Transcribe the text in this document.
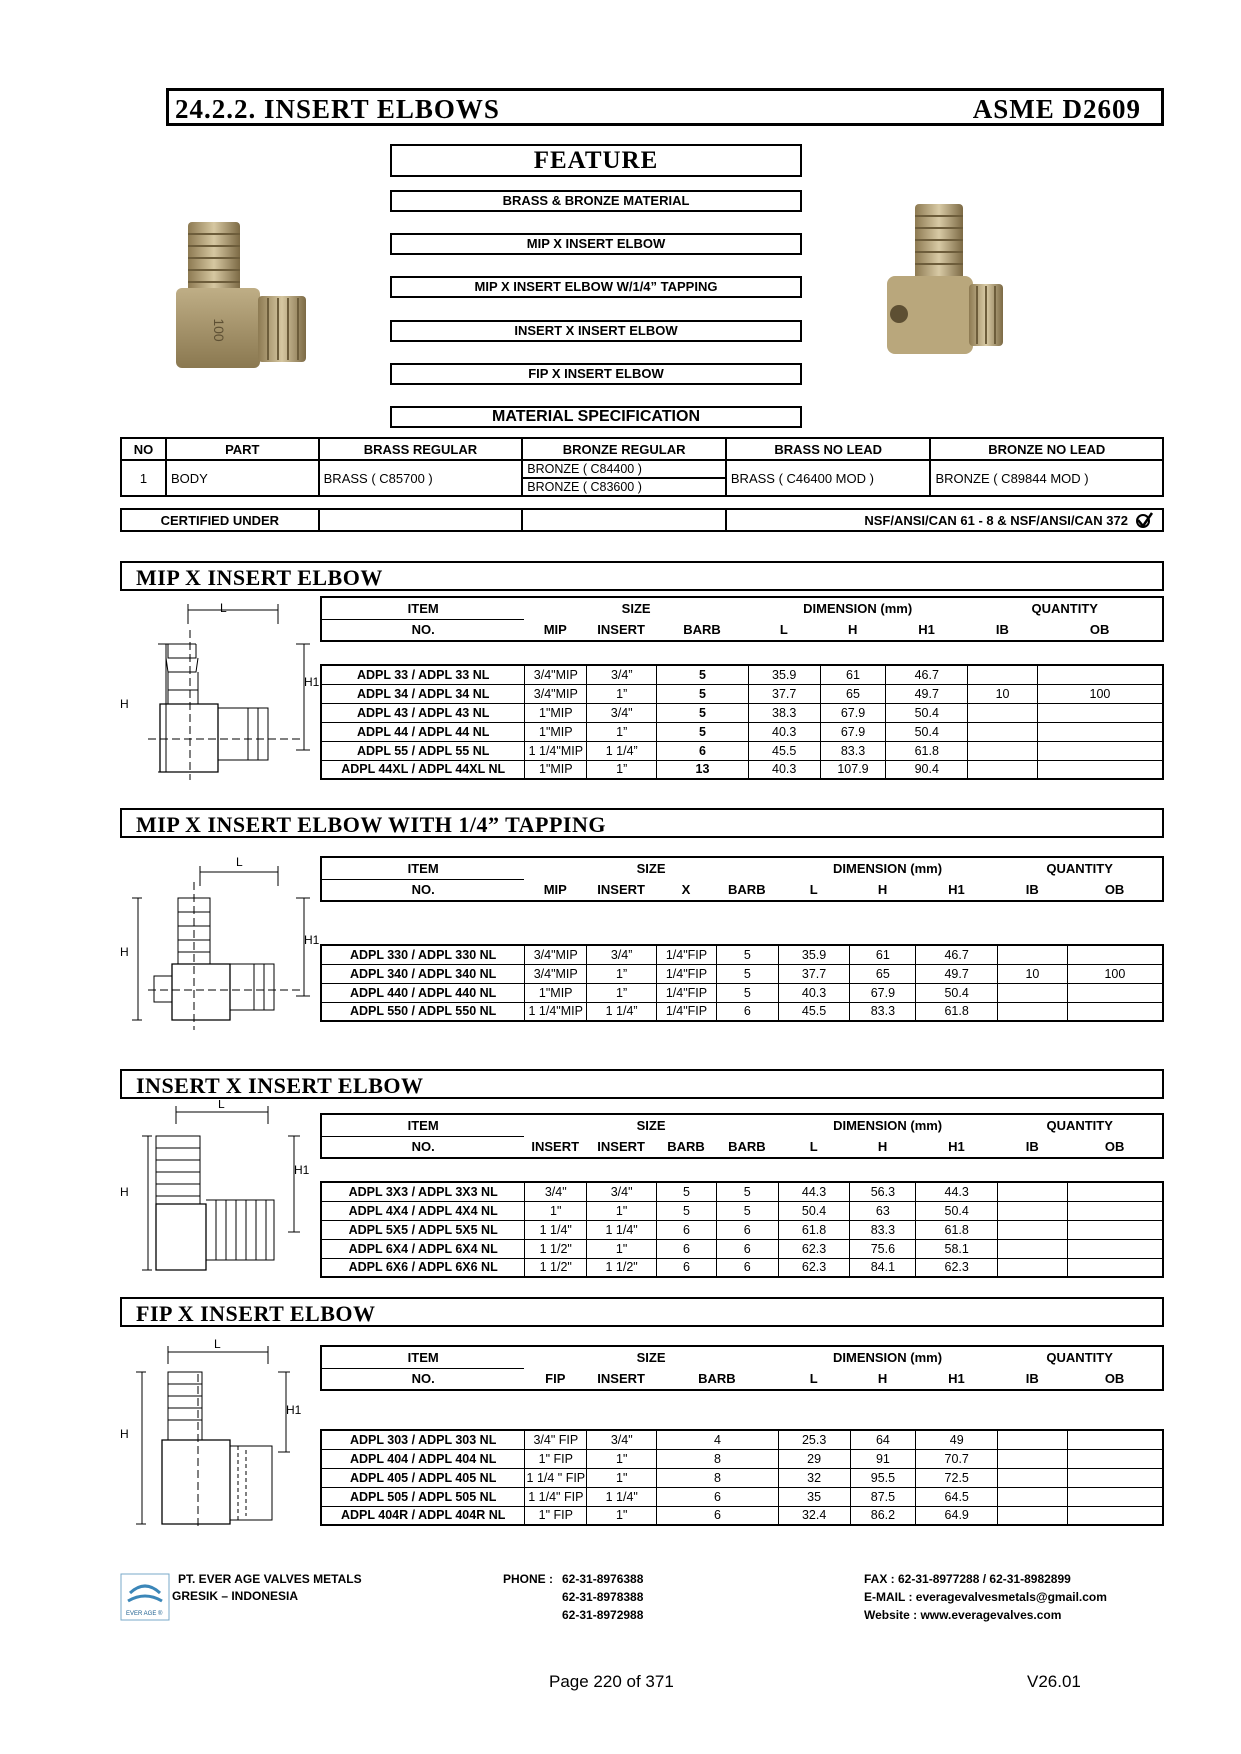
24.2.2. INSERT ELBOWS	ASME D2609
FEATURE
BRASS & BRONZE MATERIAL
MIP X INSERT ELBOW
MIP X INSERT ELBOW W/1/4” TAPPING
INSERT X INSERT ELBOW
FIP X INSERT ELBOW
MATERIAL SPECIFICATION
100
NO	PART	BRASS REGULAR	BRONZE REGULAR	BRASS NO LEAD	BRONZE NO LEAD
1	BODY	BRASS ( C85700 )	BRONZE ( C84400 )	BRASS ( C46400 MOD )	BRONZE ( C89844 MOD )
			BRONZE ( C83600 )		
CERTIFIED UNDER			NSF/ANSI/CAN 61 - 8 & NSF/ANSI/CAN 372
MIP X INSERT ELBOW
L
H
H1
ITEM	SIZE			DIMENSION (mm)			QUANTITY	
NO.	MIP	INSERT	BARB	L	H	H1	IB	OB
ADPL 33 / ADPL 33 NL	3/4"MIP	3/4”	5	35.9	61	46.7		
ADPL 34 / ADPL 34 NL	3/4"MIP	1”	5	37.7	65	49.7	10	100
ADPL 43 / ADPL 43 NL	1"MIP	3/4"	5	38.3	67.9	50.4		
ADPL 44 / ADPL 44 NL	1"MIP	1”	5	40.3	67.9	50.4		
ADPL 55 / ADPL 55 NL	1 1/4"MIP	1 1/4”	6	45.5	83.3	61.8		
ADPL 44XL / ADPL 44XL NL	1"MIP	1”	13	40.3	107.9	90.4		
MIP X INSERT ELBOW WITH 1/4” TAPPING
L
H
H1
ITEM	SIZE				DIMENSION (mm)			QUANTITY	
NO.	MIP	INSERT	X	BARB	L	H	H1	IB	OB
ADPL 330 / ADPL 330 NL	3/4"MIP	3/4”	1/4"FIP	5	35.9	61	46.7		
ADPL 340 / ADPL 340 NL	3/4"MIP	1”	1/4"FIP	5	37.7	65	49.7	10	100
ADPL 440 / ADPL 440 NL	1"MIP	1”	1/4"FIP	5	40.3	67.9	50.4		
ADPL 550 / ADPL 550 NL	1 1/4"MIP	1 1/4”	1/4"FIP	6	45.5	83.3	61.8		
INSERT X INSERT ELBOW
L
H
H1
ITEM	SIZE				DIMENSION (mm)			QUANTITY	
NO.	INSERT	INSERT	BARB	BARB	L	H	H1	IB	OB
ADPL 3X3 / ADPL 3X3 NL	3/4"	3/4"	5	5	44.3	56.3	44.3		
ADPL 4X4 / ADPL 4X4 NL	1"	1"	5	5	50.4	63	50.4		
ADPL 5X5 / ADPL 5X5 NL	1 1/4"	1 1/4"	6	6	61.8	83.3	61.8		
ADPL 6X4 / ADPL 6X4 NL	1 1/2"	1"	6	6	62.3	75.6	58.1		
ADPL 6X6 / ADPL 6X6 NL	1 1/2"	1 1/2"	6	6	62.3	84.1	62.3		
FIP X INSERT ELBOW
L
H
H1
ITEM	SIZE			DIMENSION (mm)			QUANTITY	
NO.	FIP	INSERT	BARB	L	H	H1	IB	OB
ADPL 303 / ADPL 303 NL	3/4" FIP	3/4"	4	25.3	64	49		
ADPL 404 / ADPL 404 NL	1" FIP	1"	8	29	91	70.7		
ADPL 405 / ADPL 405 NL	1 1/4 " FIP	1"	8	32	95.5	72.5		
ADPL 505 / ADPL 505 NL	1 1/4" FIP	1 1/4"	6	35	87.5	64.5		
ADPL 404R / ADPL 404R NL	1" FIP	1"	6	32.4	86.2	64.9		
EVER AGE ®
PT. EVER AGE VALVES METALS
GRESIK – INDONESIA
PHONE : 62-31-8976388
62-31-8978388
62-31-8972988
FAX : 62-31-8977288 / 62-31-8982899
E-MAIL : everagevalvesmetals@gmail.com
Website : www.everagevalves.com
Page 220 of 371	V26.01
